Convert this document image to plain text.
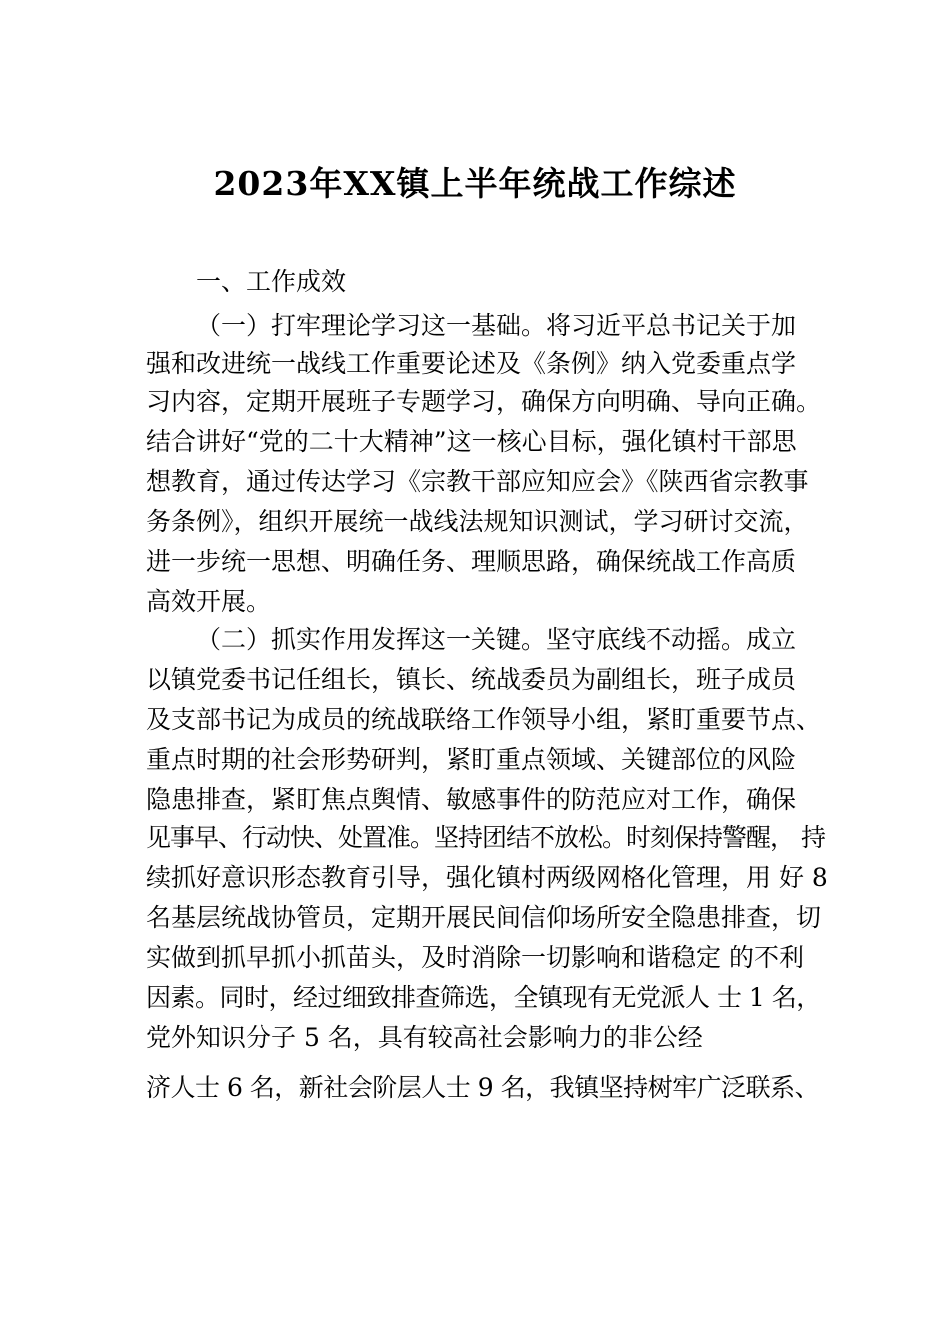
2023年XX镇上半年统战工作综述
一、工作成效
（一）打牢理论学习这一基础。将习近平总书记关于加
强和改进统一战线工作重要论述及《条例》纳入党委重点学
习内容，定期开展班子专题学习，确保方向明确、导向正确。
结合讲好“党的二十大精神”这一核心目标，强化镇村干部思
想教育，通过传达学习《宗教干部应知应会》《陕西省宗教事
务条例》，组织开展统一战线法规知识测试，学习研讨交流，
进一步统一思想、明确任务、理顺思路，确保统战工作高质
高效开展。
（二）抓实作用发挥这一关键。坚守底线不动摇。成立
以镇党委书记任组长，镇长、统战委员为副组长，班子成员
及支部书记为成员的统战联络工作领导小组，紧盯重要节点、
重点时期的社会形势研判，紧盯重点领域、关键部位的风险
隐患排查，紧盯焦点舆情、敏感事件的防范应对工作，确保
见事早、行动快、处置准。坚持团结不放松。时刻保持警醒， 持
续抓好意识形态教育引导，强化镇村两级网格化管理，用 好 8
名基层统战协管员，定期开展民间信仰场所安全隐患排查，切
实做到抓早抓小抓苗头，及时消除一切影响和谐稳定 的不利
因素。同时，经过细致排查筛选，全镇现有无党派人 士 1 名，
党外知识分子 5 名，具有较高社会影响力的非公经
济人士 6 名，新社会阶层人士 9 名，我镇坚持树牢广泛联系、
